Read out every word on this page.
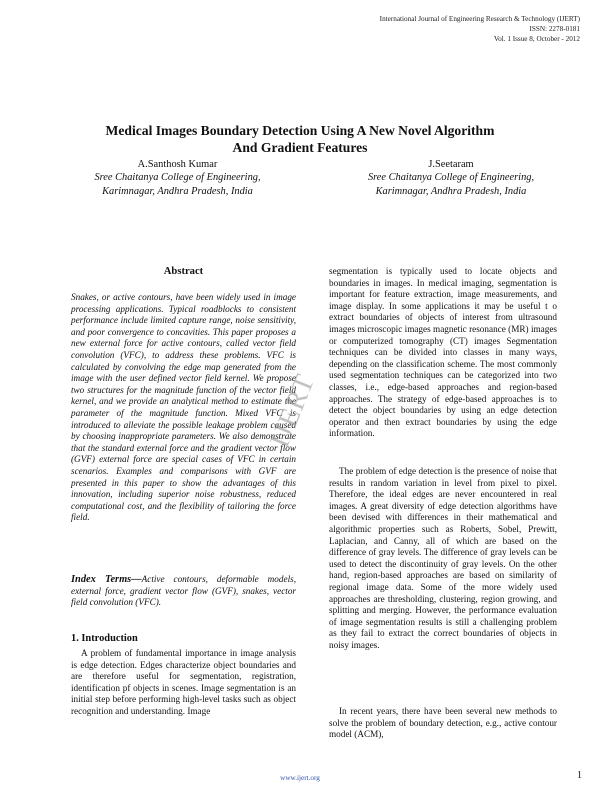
International Journal of Engineering Research & Technology (IJERT)
ISSN: 2278-0181
Vol. 1 Issue 8, October - 2012
Medical Images Boundary Detection Using A New Novel Algorithm
And Gradient Features
A.Santhosh Kumar
Sree Chaitanya College of Engineering,
Karimnagar, Andhra Pradesh, India
J.Seetaram
Sree Chaitanya College of Engineering,
Karimnagar, Andhra Pradesh, India
Abstract

Snakes, or active contours, have been widely used in image processing applications. Typical roadblocks to consistent performance include limited capture range, noise sensitivity, and poor convergence to concavities. This paper proposes a new external force for active contours, called vector field convolution (VFC), to address these problems. VFC is calculated by convolving the edge map generated from the image with the user defined vector field kernel. We propose two structures for the magnitude function of the vector field kernel, and we provide an analytical method to estimate the parameter of the magnitude function. Mixed VFC is introduced to alleviate the possible leakage problem caused by choosing inappropriate parameters. We also demonstrate that the standard external force and the gradient vector flow (GVF) external force are special cases of VFC in certain scenarios. Examples and comparisons with GVF are presented in this paper to show the advantages of this innovation, including superior noise robustness, reduced computational cost, and the flexibility of tailoring the force field.

Index Terms—Active contours, deformable models, external force, gradient vector flow (GVF), snakes, vector field convolution (VFC).

1. Introduction

A problem of fundamental importance in image analysis is edge detection. Edges characterize object boundaries and are therefore useful for segmentation, registration, identification pf objects in scenes. Image segmentation is an initial step before performing high-level tasks such as object recognition and understanding. Image

segmentation is typically used to locate objects and boundaries in images. In medical imaging, segmentation is important for feature extraction, image measurements, and image display. In some applications it may be useful t o extract boundaries of objects of interest from ultrasound images microscopic images magnetic resonance (MR) images or computerized tomography (CT) images Segmentation techniques can be divided into classes in many ways, depending on the classification scheme. The most commonly used segmentation techniques can be categorized into two classes, i.e., edge-based approaches and region-based approaches. The strategy of edge-based approaches is to detect the object boundaries by using an edge detection operator and then extract boundaries by using the edge information.

The problem of edge detection is the presence of noise that results in random variation in level from pixel to pixel. Therefore, the ideal edges are never encountered in real images. A great diversity of edge detection algorithms have been devised with differences in their mathematical and algorithmic properties such as Roberts, Sobel, Prewitt, Laplacian, and Canny, all of which are based on the difference of gray levels. The difference of gray levels can be used to detect the discontinuity of gray levels. On the other hand, region-based approaches are based on similarity of regional image data. Some of the more widely used approaches are thresholding, clustering, region growing, and splitting and merging. However, the performance evaluation of image segmentation results is still a challenging problem as they fail to extract the correct boundaries of objects in noisy images.

In recent years, there have been several new methods to solve the problem of boundary detection, e.g., active contour model (ACM),

IJERT
www.ijert.org	1
